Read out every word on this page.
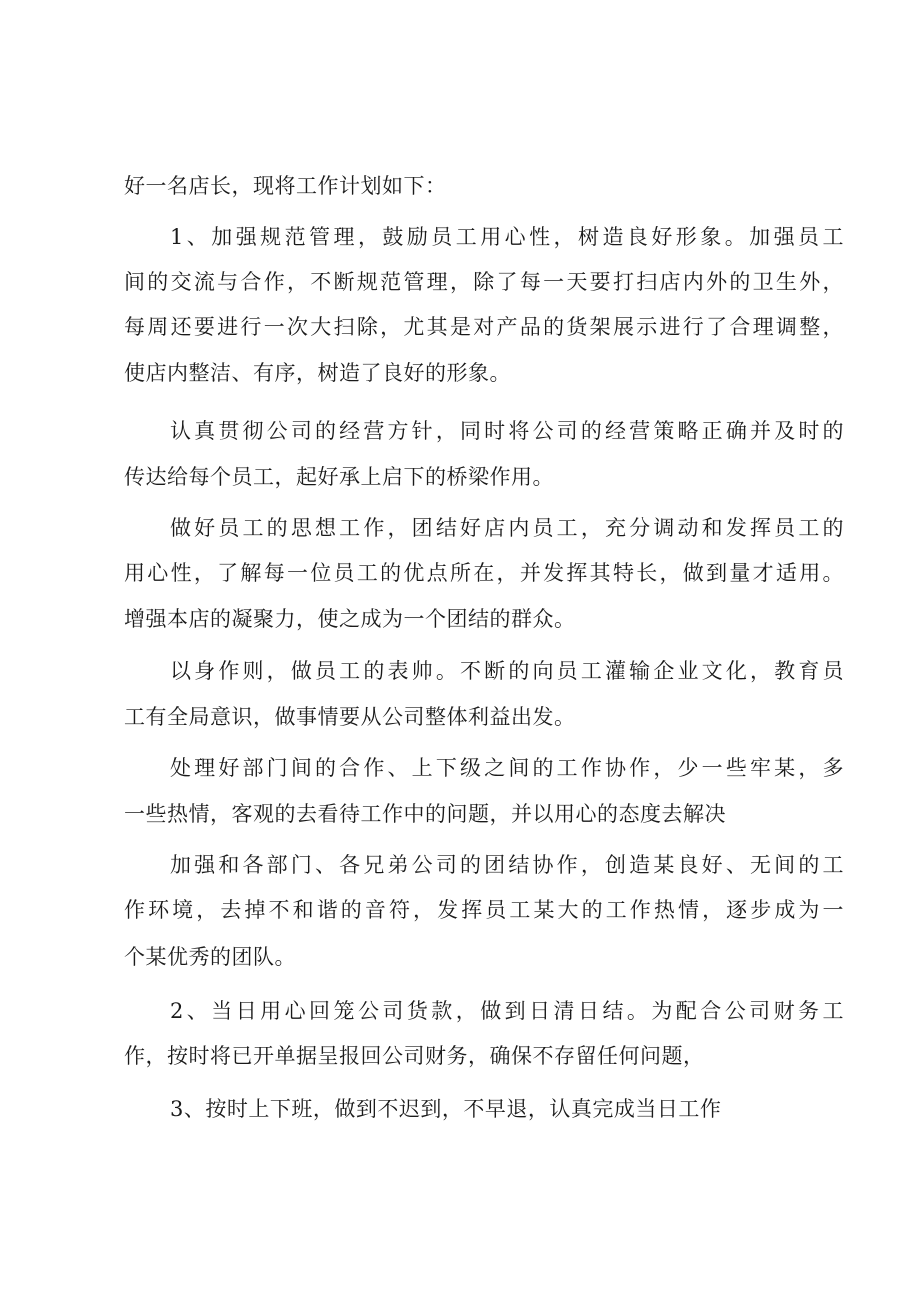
好一名店长，现将工作计划如下：
1、加强规范管理，鼓励员工用心性，树造良好形象。加强员工
间的交流与合作，不断规范管理，除了每一天要打扫店内外的卫生外，
每周还要进行一次大扫除，尤其是对产品的货架展示进行了合理调整，
使店内整洁、有序，树造了良好的形象。
认真贯彻公司的经营方针，同时将公司的经营策略正确并及时的
传达给每个员工，起好承上启下的桥梁作用。
做好员工的思想工作，团结好店内员工，充分调动和发挥员工的
用心性，了解每一位员工的优点所在，并发挥其特长，做到量才适用。
增强本店的凝聚力，使之成为一个团结的群众。
以身作则，做员工的表帅。不断的向员工灌输企业文化，教育员
工有全局意识，做事情要从公司整体利益出发。
处理好部门间的合作、上下级之间的工作协作，少一些牢某，多
一些热情，客观的去看待工作中的问题，并以用心的态度去解决
加强和各部门、各兄弟公司的团结协作，创造某良好、无间的工
作环境，去掉不和谐的音符，发挥员工某大的工作热情，逐步成为一
个某优秀的团队。
2、当日用心回笼公司货款，做到日清日结。为配合公司财务工
作，按时将已开单据呈报回公司财务，确保不存留任何问题，
3、按时上下班，做到不迟到，不早退，认真完成当日工作
